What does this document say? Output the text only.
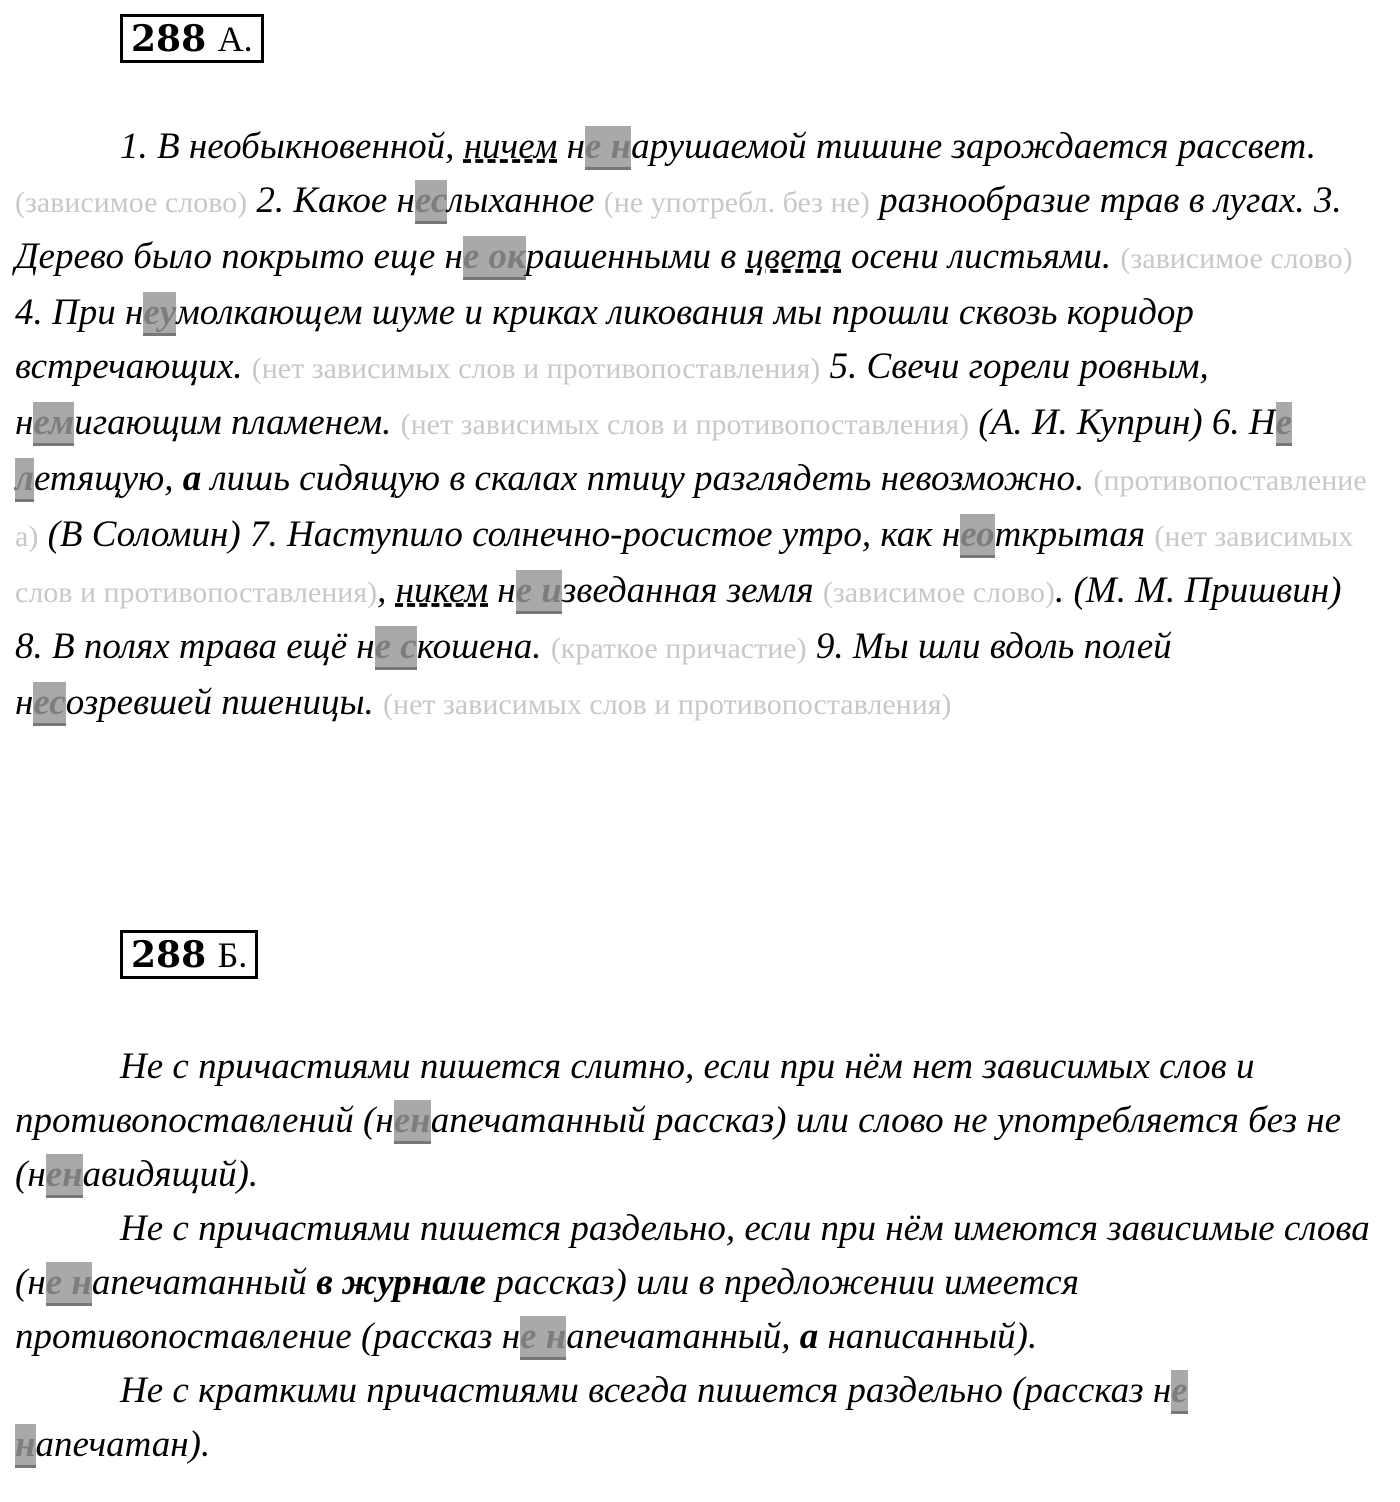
288 А.

1. В необыкновенной, ничем не нарушаемой тишине зарождается рассвет. (зависимое слово) 2. Какое неслыханное (не употребл. без не) разнообразие трав в лугах. 3. Дерево было покрыто еще не окрашенными в цвета осени листьями. (зависимое слово) 4. При неумолкающем шуме и криках ликования мы прошли сквозь коридор встречающих. (нет зависимых слов и противопоставления) 5. Свечи горели ровным, немигающим пламенем. (нет зависимых слов и противопоставления) (А. И. Куприн) 6. Не летящую, а лишь сидящую в скалах птицу разглядеть невозможно. (противопоставление а) (В Соломин) 7. Наступило солнечно-росистое утро, как неоткрытая (нет зависимых слов и противопоставления), никем не изведанная земля (зависимое слово). (М. М. Пришвин) 8. В полях трава ещё не скошена. (краткое причастие) 9. Мы шли вдоль полей несозревшей пшеницы. (нет зависимых слов и противопоставления)

288 Б.

Не с причастиями пишется слитно, если при нём нет зависимых слов и противопоставлений (ненапечатанный рассказ) или слово не употребляется без не (ненавидящий).

Не с причастиями пишется раздельно, если при нём имеются зависимые слова (не напечатанный в журнале рассказ) или в предложении имеется противопоставление (рассказ не напечатанный, а написанный).

Не с краткими причастиями всегда пишется раздельно (рассказ не напечатан).
